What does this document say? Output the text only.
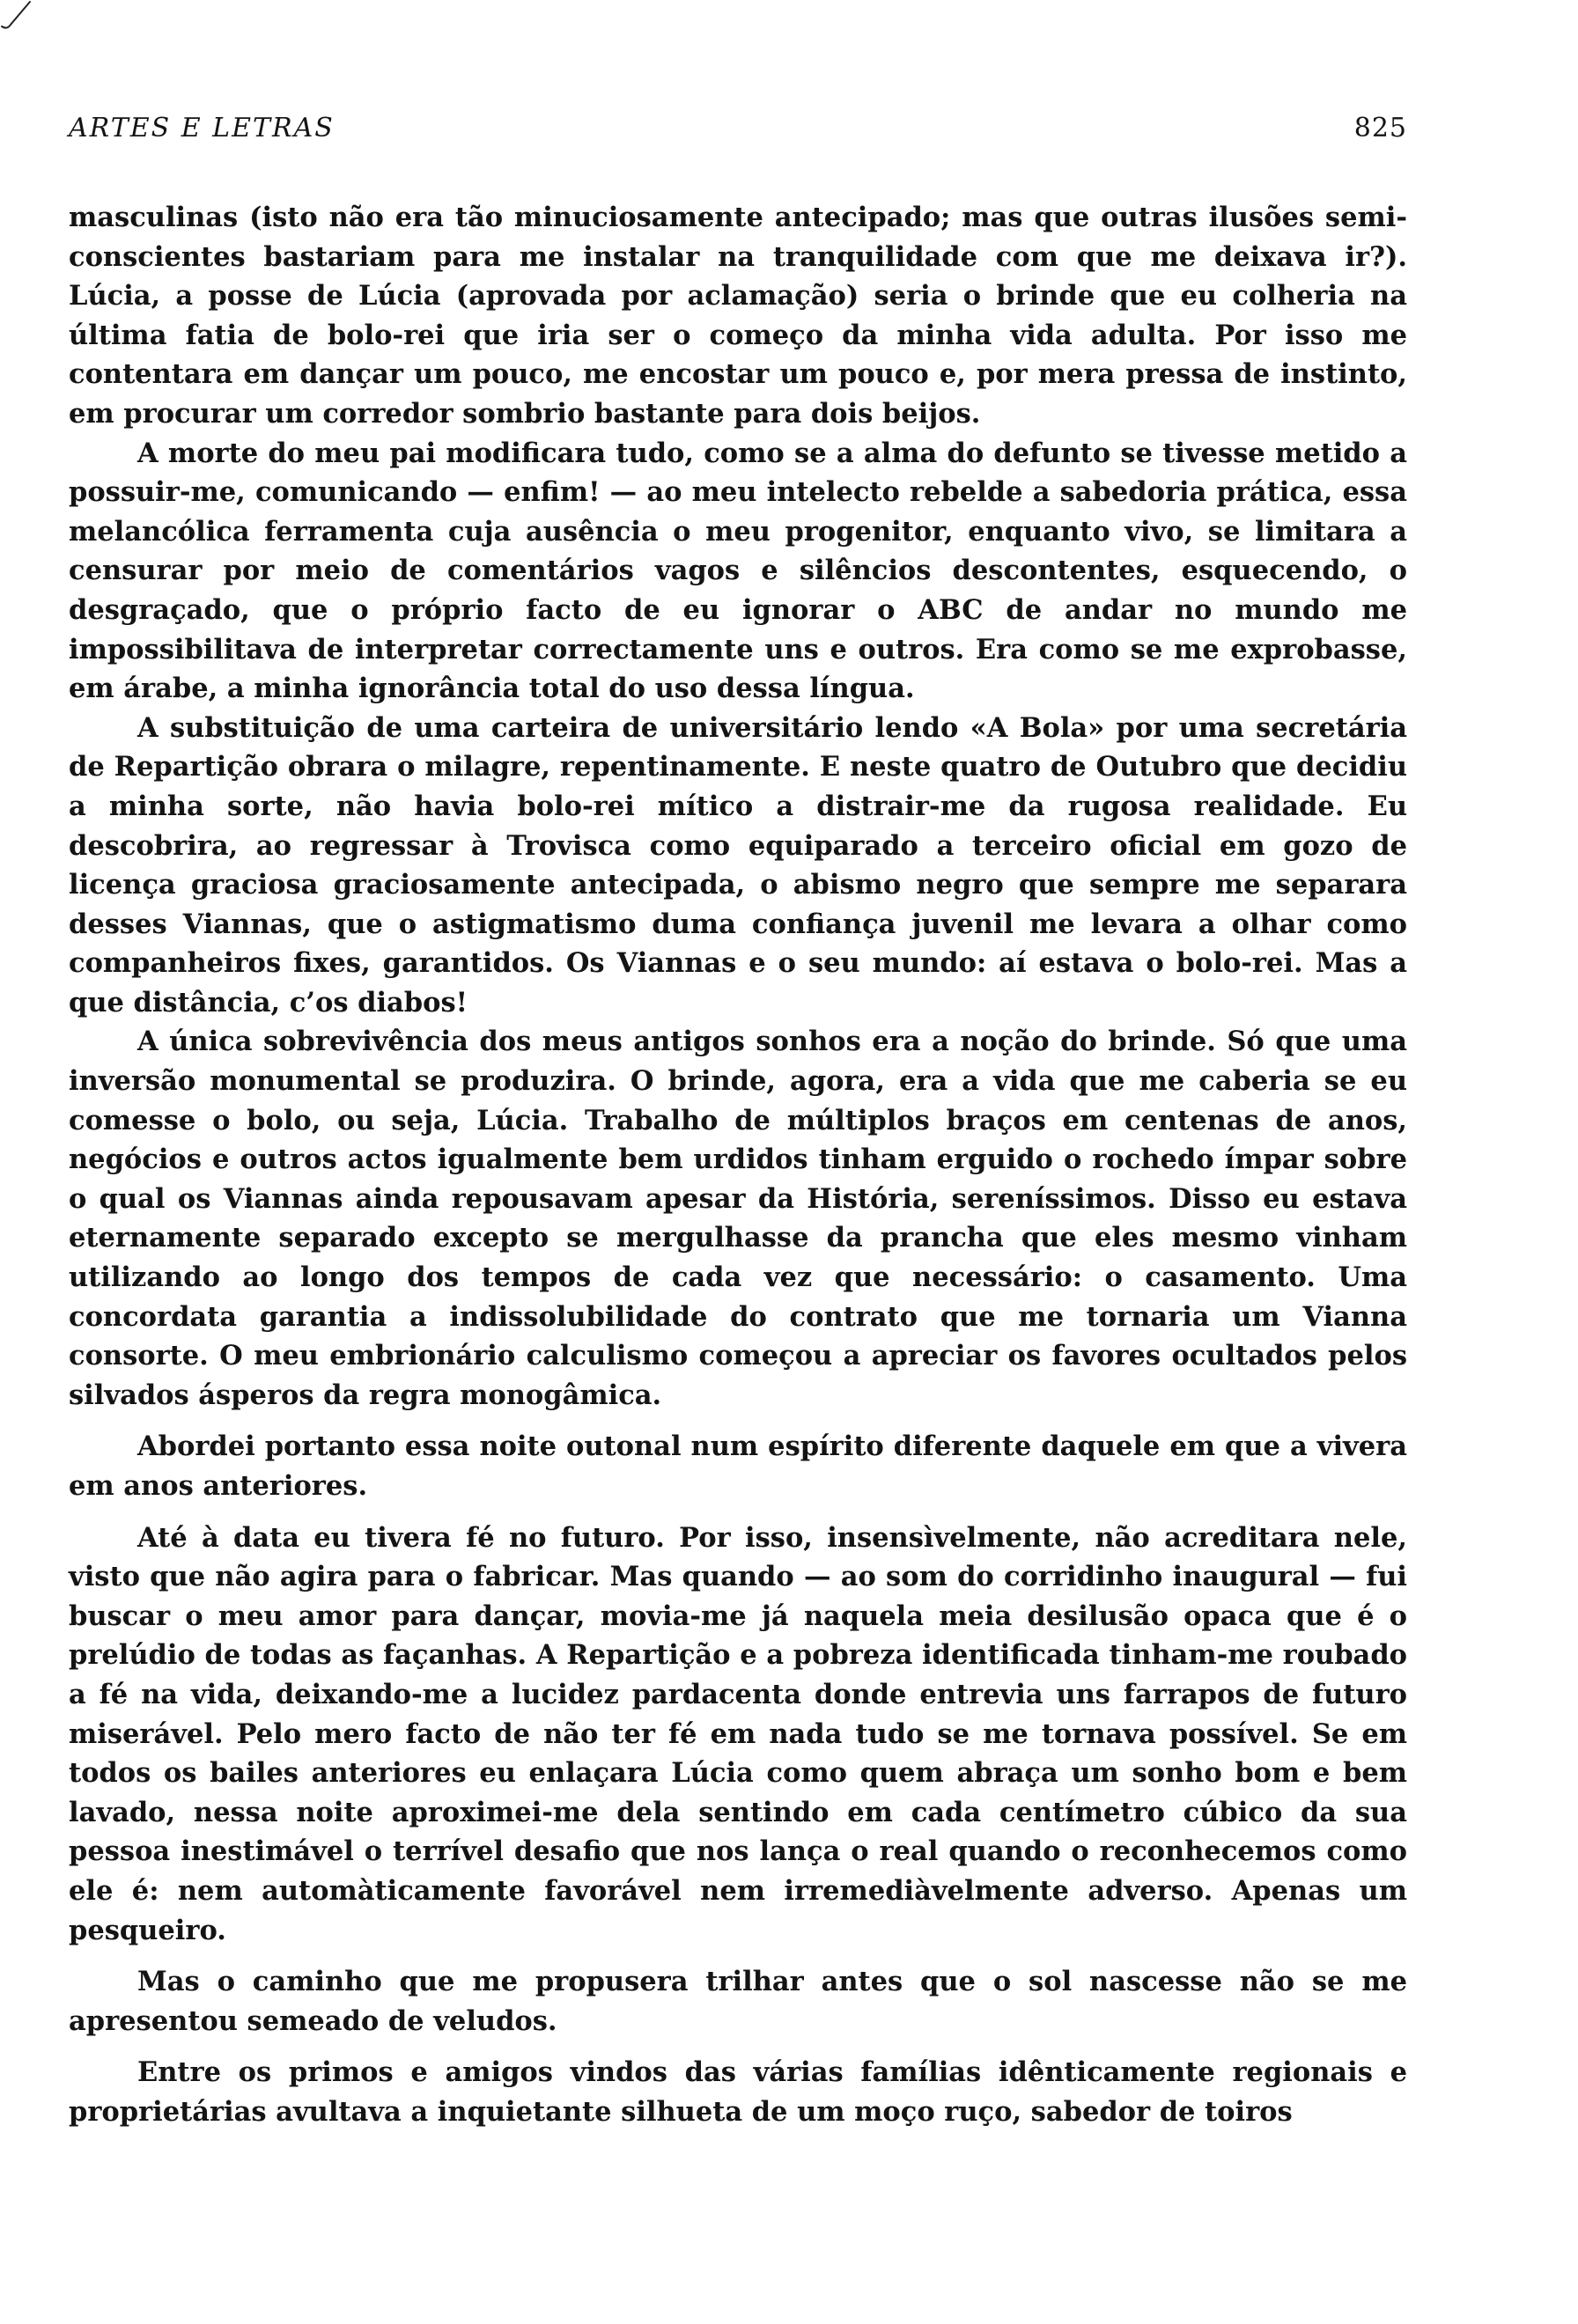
ARTES E LETRAS	825

masculinas (isto não era tão minuciosamente antecipado; mas que outras ilusões semi-conscientes bastariam para me instalar na tranquilidade com que me deixava ir?). Lúcia, a posse de Lúcia (aprovada por aclamação) seria o brinde que eu colheria na última fatia de bolo-rei que iria ser o começo da minha vida adulta. Por isso me contentara em dançar um pouco, me encostar um pouco e, por mera pressa de instinto, em procurar um corredor sombrio bastante para dois beijos.

A morte do meu pai modificara tudo, como se a alma do defunto se tivesse metido a possuir-me, comunicando — enfim! — ao meu intelecto rebelde a sabedoria prática, essa melancólica ferramenta cuja ausência o meu progenitor, enquanto vivo, se limitara a censurar por meio de comentários vagos e silêncios descontentes, esquecendo, o desgraçado, que o próprio facto de eu ignorar o ABC de andar no mundo me impossibilitava de interpretar correctamente uns e outros. Era como se me exprobasse, em árabe, a minha ignorância total do uso dessa língua.

A substituição de uma carteira de universitário lendo «A Bola» por uma secretária de Repartição obrara o milagre, repentinamente. E neste quatro de Outubro que decidiu a minha sorte, não havia bolo-rei mítico a distrair-me da rugosa realidade. Eu descobrira, ao regressar à Trovisca como equiparado a terceiro oficial em gozo de licença graciosa graciosamente antecipada, o abismo negro que sempre me separara desses Viannas, que o astigmatismo duma confiança juvenil me levara a olhar como companheiros fixes, garantidos. Os Viannas e o seu mundo: aí estava o bolo-rei. Mas a que distância, c’os diabos!

A única sobrevivência dos meus antigos sonhos era a noção do brinde. Só que uma inversão monumental se produzira. O brinde, agora, era a vida que me caberia se eu comesse o bolo, ou seja, Lúcia. Trabalho de múltiplos braços em centenas de anos, negócios e outros actos igualmente bem urdidos tinham erguido o rochedo ímpar sobre o qual os Viannas ainda repousavam apesar da História, sereníssimos. Disso eu estava eternamente separado excepto se mergulhasse da prancha que eles mesmo vinham utilizando ao longo dos tempos de cada vez que necessário: o casamento. Uma concordata garantia a indissolubilidade do contrato que me tornaria um Vianna consorte. O meu embrionário calculismo começou a apreciar os favores ocultados pelos silvados ásperos da regra monogâmica.

Abordei portanto essa noite outonal num espírito diferente daquele em que a vivera em anos anteriores.

Até à data eu tivera fé no futuro. Por isso, insensìvelmente, não acreditara nele, visto que não agira para o fabricar. Mas quando — ao som do corridinho inaugural — fui buscar o meu amor para dançar, movia-me já naquela meia desilusão opaca que é o prelúdio de todas as façanhas. A Repartição e a pobreza identificada tinham-me roubado a fé na vida, deixando-me a lucidez pardacenta donde entrevia uns farrapos de futuro miserável. Pelo mero facto de não ter fé em nada tudo se me tornava possível. Se em todos os bailes anteriores eu enlaçara Lúcia como quem abraça um sonho bom e bem lavado, nessa noite aproximei-me dela sentindo em cada centímetro cúbico da sua pessoa inestimável o terrível desafio que nos lança o real quando o reconhecemos como ele é: nem automàticamente favorável nem irremediàvelmente adverso. Apenas um pesqueiro.

Mas o caminho que me propusera trilhar antes que o sol nascesse não se me apresentou semeado de veludos.

Entre os primos e amigos vindos das várias famílias idênticamente regionais e proprietárias avultava a inquietante silhueta de um moço ruço, sabedor de toiros
